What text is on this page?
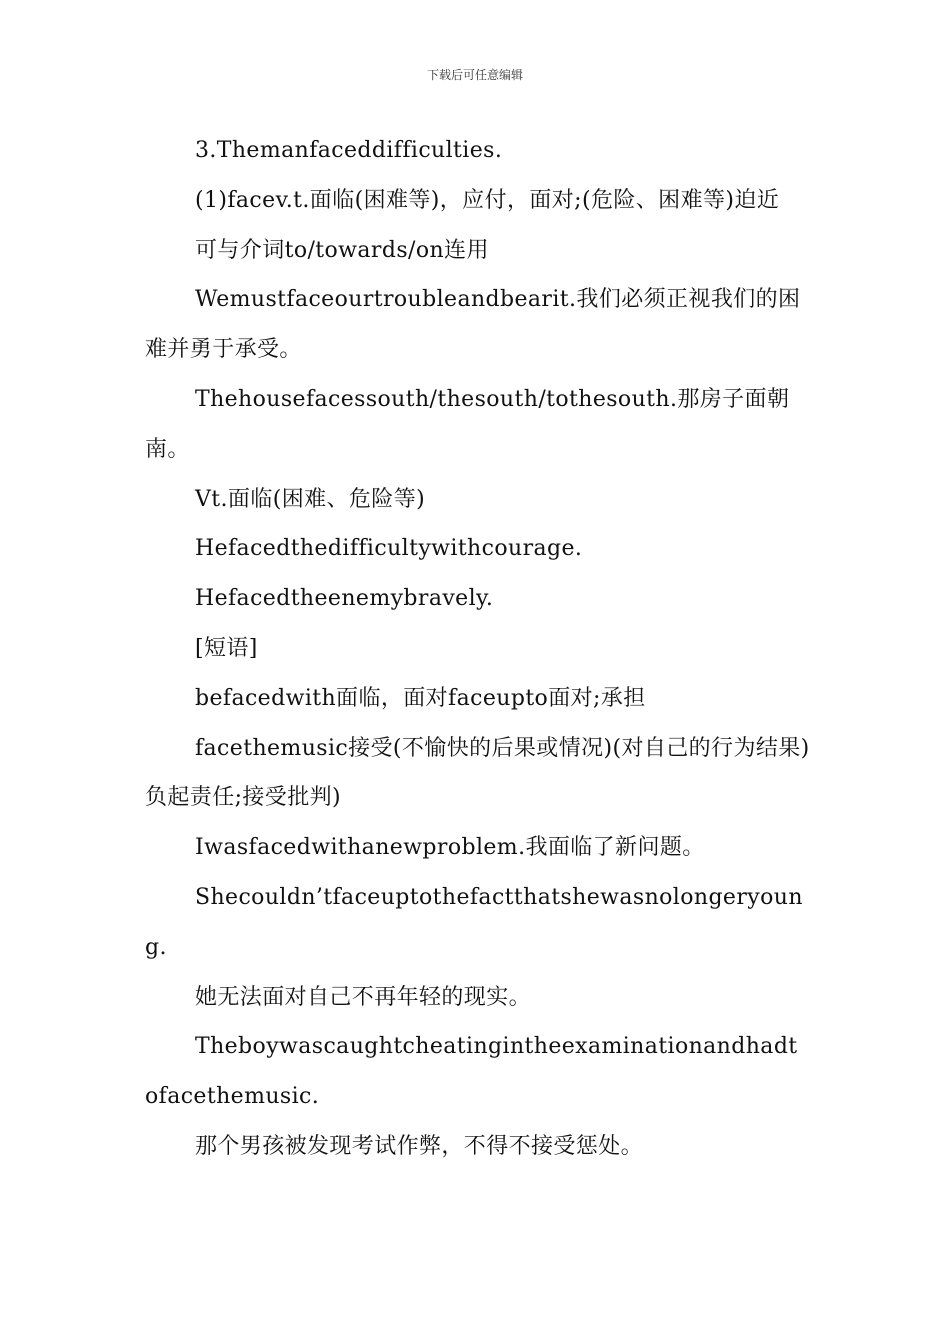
下载后可任意编辑

3.Themanfaceddifficulties.

(1)facev.t.面临(困难等)，应付，面对;(危险、困难等)迫近

可与介词to/towards/on连用

Wemustfaceourtroubleandbearit.我们必须正视我们的困难并勇于承受。

Thehousefacessouth/thesouth/tothesouth.那房子面朝南。

Vt.面临(困难、危险等)

Hefacedthedifficultywithcourage.

Hefacedtheenemybravely.

[短语]

befacedwith面临，面对faceupto面对;承担

facethemusic接受(不愉快的后果或情况)(对自己的行为结果)负起责任;接受批判)

Iwasfacedwithanewproblem.我面临了新问题。

Shecouldn’tfaceuptothefactthatshewasnolongeryoung.

她无法面对自己不再年轻的现实。

Theboywascaughtcheatingintheexaminationandhadtofacethemusic.

那个男孩被发现考试作弊，不得不接受惩处。
